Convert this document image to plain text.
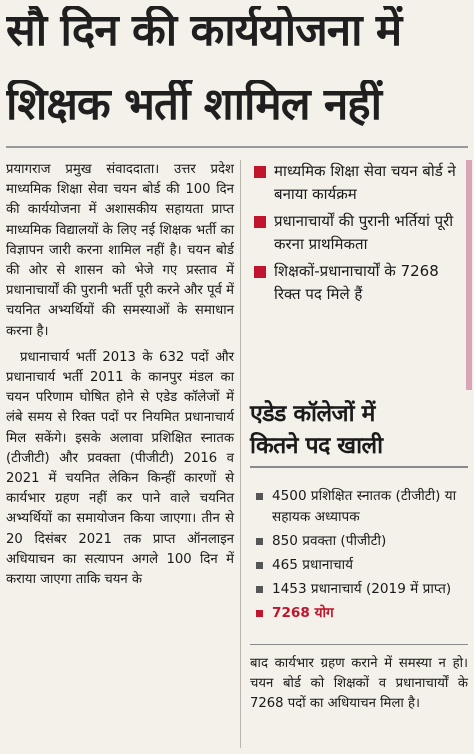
सौ दिन की कार्ययोजना में
शिक्षक भर्ती शामिल नहीं

प्रयागराज प्रमुख संवाददाता। उत्तर प्रदेश माध्यमिक शिक्षा सेवा चयन बोर्ड की 100 दिन की कार्ययोजना में अशासकीय सहायता प्राप्त माध्यमिक विद्यालयों के लिए नई शिक्षक भर्ती का विज्ञापन जारी करना शामिल नहीं है। चयन बोर्ड की ओर से शासन को भेजे गए प्रस्ताव में प्रधानाचार्यों की पुरानी भर्ती पूरी करने और पूर्व में चयनित अभ्यर्थियों की समस्याओं के समाधान करना है।

प्रधानाचार्य भर्ती 2013 के 632 पदों और प्रधानाचार्य भर्ती 2011 के कानपुर मंडल का चयन परिणाम घोषित होने से एडेड कॉलेजों में लंबे समय से रिक्त पदों पर नियमित प्रधानाचार्य मिल सकेंगे। इसके अलावा प्रशिक्षित स्नातक (टीजीटी) और प्रवक्ता (पीजीटी) 2016 व 2021 में चयनित लेकिन किन्हीं कारणों से कार्यभार ग्रहण नहीं कर पाने वाले चयनित अभ्यर्थियों का समायोजन किया जाएगा। तीन से 20 दिसंबर 2021 तक प्राप्त ऑनलाइन अधियाचन का सत्यापन अगले 100 दिन में कराया जाएगा ताकि चयन के

माध्यमिक शिक्षा सेवा चयन बोर्ड ने बनाया कार्यक्रम
प्रधानाचार्यों की पुरानी भर्तियां पूरी करना प्राथमिकता
शिक्षकों-प्रधानाचार्यों के 7268 रिक्त पद मिले हैं
एडेड कॉलेजों में
कितने पद खाली
4500 प्रशिक्षित स्नातक (टीजीटी) या सहायक अध्यापक
850 प्रवक्ता (पीजीटी)
465 प्रधानाचार्य
1453 प्रधानाचार्य (2019 में प्राप्त)
7268 योग

बाद कार्यभार ग्रहण कराने में समस्या न हो। चयन बोर्ड को शिक्षकों व प्रधानाचार्यों के 7268 पदों का अधियाचन मिला है।
